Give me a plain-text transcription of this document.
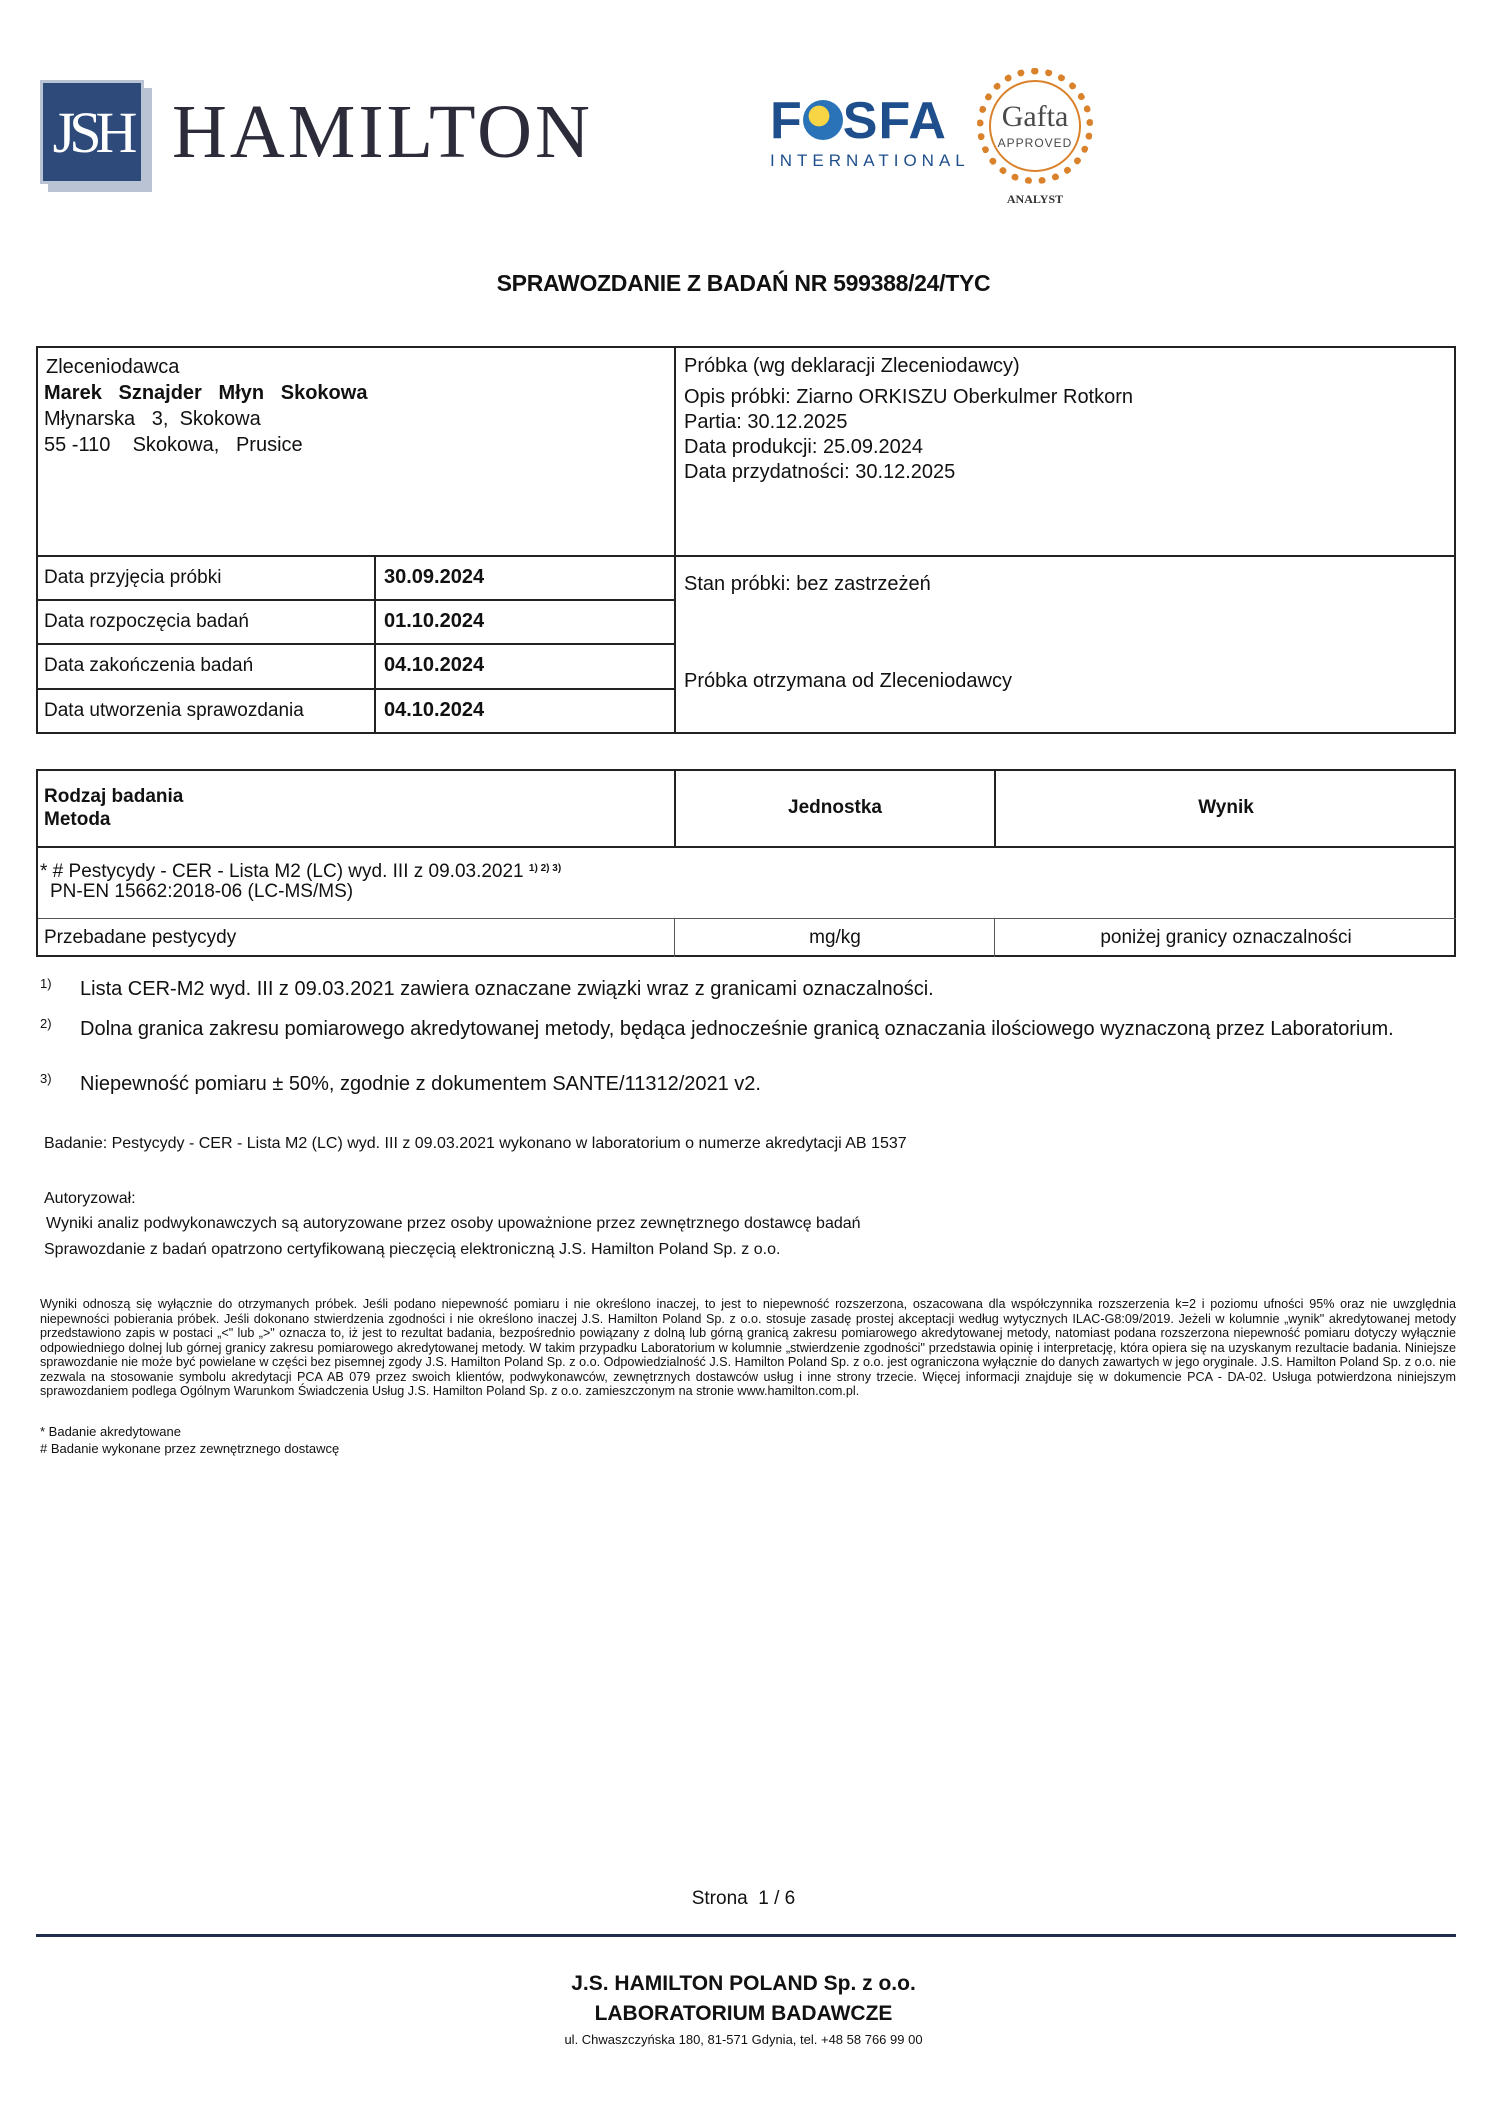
JSH HAMILTON	F SFA
INTERNATIONAL
Gafta
APPROVED
ANALYST
SPRAWOZDANIE Z BADAŃ NR 599388/24/TYC
Zleceniodawca
Marek   Sznajder   Młyn   Skokowa
Młynarska   3,  Skokowa
55 -110    Skokowa,   Prusice
Próbka (wg deklaracji Zleceniodawcy)
Opis próbki: Ziarno ORKISZU Oberkulmer Rotkorn
Partia: 30.12.2025
Data produkcji: 25.09.2024
Data przydatności: 30.12.2025
Data przyjęcia próbki	30.09.2024
Data rozpoczęcia badań	01.10.2024
Data zakończenia badań	04.10.2024
Data utworzenia sprawozdania	04.10.2024
Stan próbki: bez zastrzeżeń
Próbka otrzymana od Zleceniodawcy
Rodzaj badania
Metoda
Jednostka	Wynik
* # Pestycydy - CER - Lista M2 (LC) wyd. III z 09.03.2021 $^{1) 2) 3)}$
PN-EN 15662:2018-06 (LC-MS/MS)
Przebadane pestycydy	mg/kg	poniżej granicy oznaczalności
1) Lista CER-M2 wyd. III z 09.03.2021 zawiera oznaczane związki wraz z granicami oznaczalności.
2) Dolna granica zakresu pomiarowego akredytowanej metody, będąca jednocześnie granicą oznaczania ilościowego wyznaczoną przez Laboratorium.
3) Niepewność pomiaru ± 50%, zgodnie z dokumentem SANTE/11312/2021 v2.
Badanie: Pestycydy - CER - Lista M2 (LC) wyd. III z 09.03.2021 wykonano w laboratorium o numerze akredytacji AB 1537
Autoryzował:
Wyniki analiz podwykonawczych są autoryzowane przez osoby upoważnione przez zewnętrznego dostawcę badań
Sprawozdanie z badań opatrzono certyfikowaną pieczęcią elektroniczną J.S. Hamilton Poland Sp. z o.o.
Wyniki odnoszą się wyłącznie do otrzymanych próbek. Jeśli podano niepewność pomiaru i nie określono inaczej, to jest to niepewność rozszerzona, oszacowana dla współczynnika rozszerzenia k=2 i poziomu ufności 95% oraz nie uwzględnia niepewności pobierania próbek. Jeśli dokonano stwierdzenia zgodności i nie określono inaczej J.S. Hamilton Poland Sp. z o.o. stosuje zasadę prostej akceptacji według wytycznych ILAC-G8:09/2019. Jeżeli w kolumnie „wynik" akredytowanej metody przedstawiono zapis w postaci „<" lub „>" oznacza to, iż jest to rezultat badania, bezpośrednio powiązany z dolną lub górną granicą zakresu pomiarowego akredytowanej metody, natomiast podana rozszerzona niepewność pomiaru dotyczy wyłącznie odpowiedniego dolnej lub górnej granicy zakresu pomiarowego akredytowanej metody. W takim przypadku Laboratorium w kolumnie „stwierdzenie zgodności" przedstawia opinię i interpretację, która opiera się na uzyskanym rezultacie badania. Niniejsze sprawozdanie nie może być powielane w części bez pisemnej zgody J.S. Hamilton Poland Sp. z o.o. Odpowiedzialność J.S. Hamilton Poland Sp. z o.o. jest ograniczona wyłącznie do danych zawartych w jego oryginale. J.S. Hamilton Poland Sp. z o.o. nie zezwala na stosowanie symbolu akredytacji PCA AB 079 przez swoich klientów, podwykonawców, zewnętrznych dostawców usług i inne strony trzecie. Więcej informacji znajduje się w dokumencie PCA - DA-02. Usługa potwierdzona niniejszym sprawozdaniem podlega Ogólnym Warunkom Świadczenia Usług J.S. Hamilton Poland Sp. z o.o. zamieszczonym na stronie www.hamilton.com.pl.
* Badanie akredytowane
# Badanie wykonane przez zewnętrznego dostawcę
Strona  1 / 6
J.S. HAMILTON POLAND Sp. z o.o.
LABORATORIUM BADAWCZE
ul. Chwaszczyńska 180, 81-571 Gdynia, tel. +48 58 766 99 00
